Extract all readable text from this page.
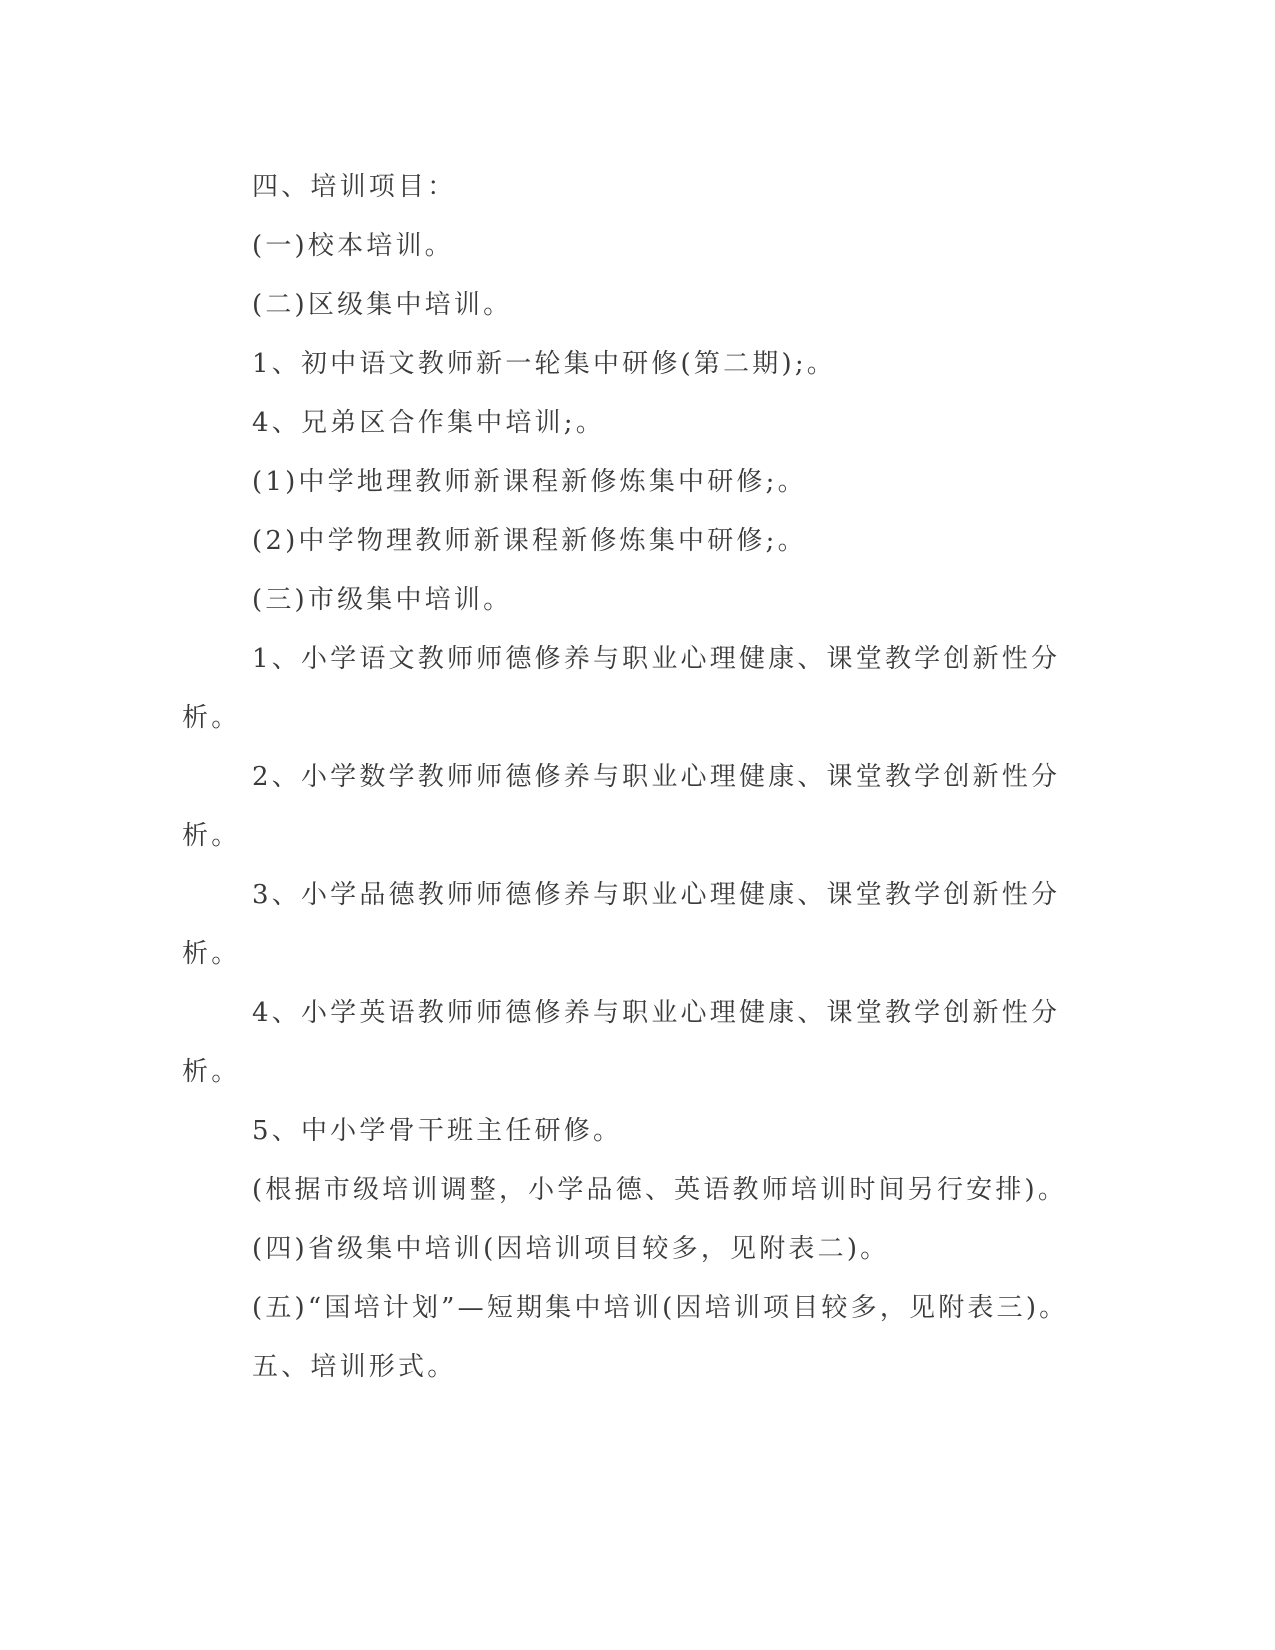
四、培训项目：

(一)校本培训。

(二)区级集中培训。

1、初中语文教师新一轮集中研修(第二期);。

4、兄弟区合作集中培训;。

(1)中学地理教师新课程新修炼集中研修;。

(2)中学物理教师新课程新修炼集中研修;。

(三)市级集中培训。

1、小学语文教师师德修养与职业心理健康、课堂教学创新性分

析。

2、小学数学教师师德修养与职业心理健康、课堂教学创新性分

析。

3、小学品德教师师德修养与职业心理健康、课堂教学创新性分

析。

4、小学英语教师师德修养与职业心理健康、课堂教学创新性分

析。

5、中小学骨干班主任研修。

(根据市级培训调整，小学品德、英语教师培训时间另行安排)。

(四)省级集中培训(因培训项目较多，见附表二)。

(五)“国培计划”—短期集中培训(因培训项目较多，见附表三)。

五、培训形式。
